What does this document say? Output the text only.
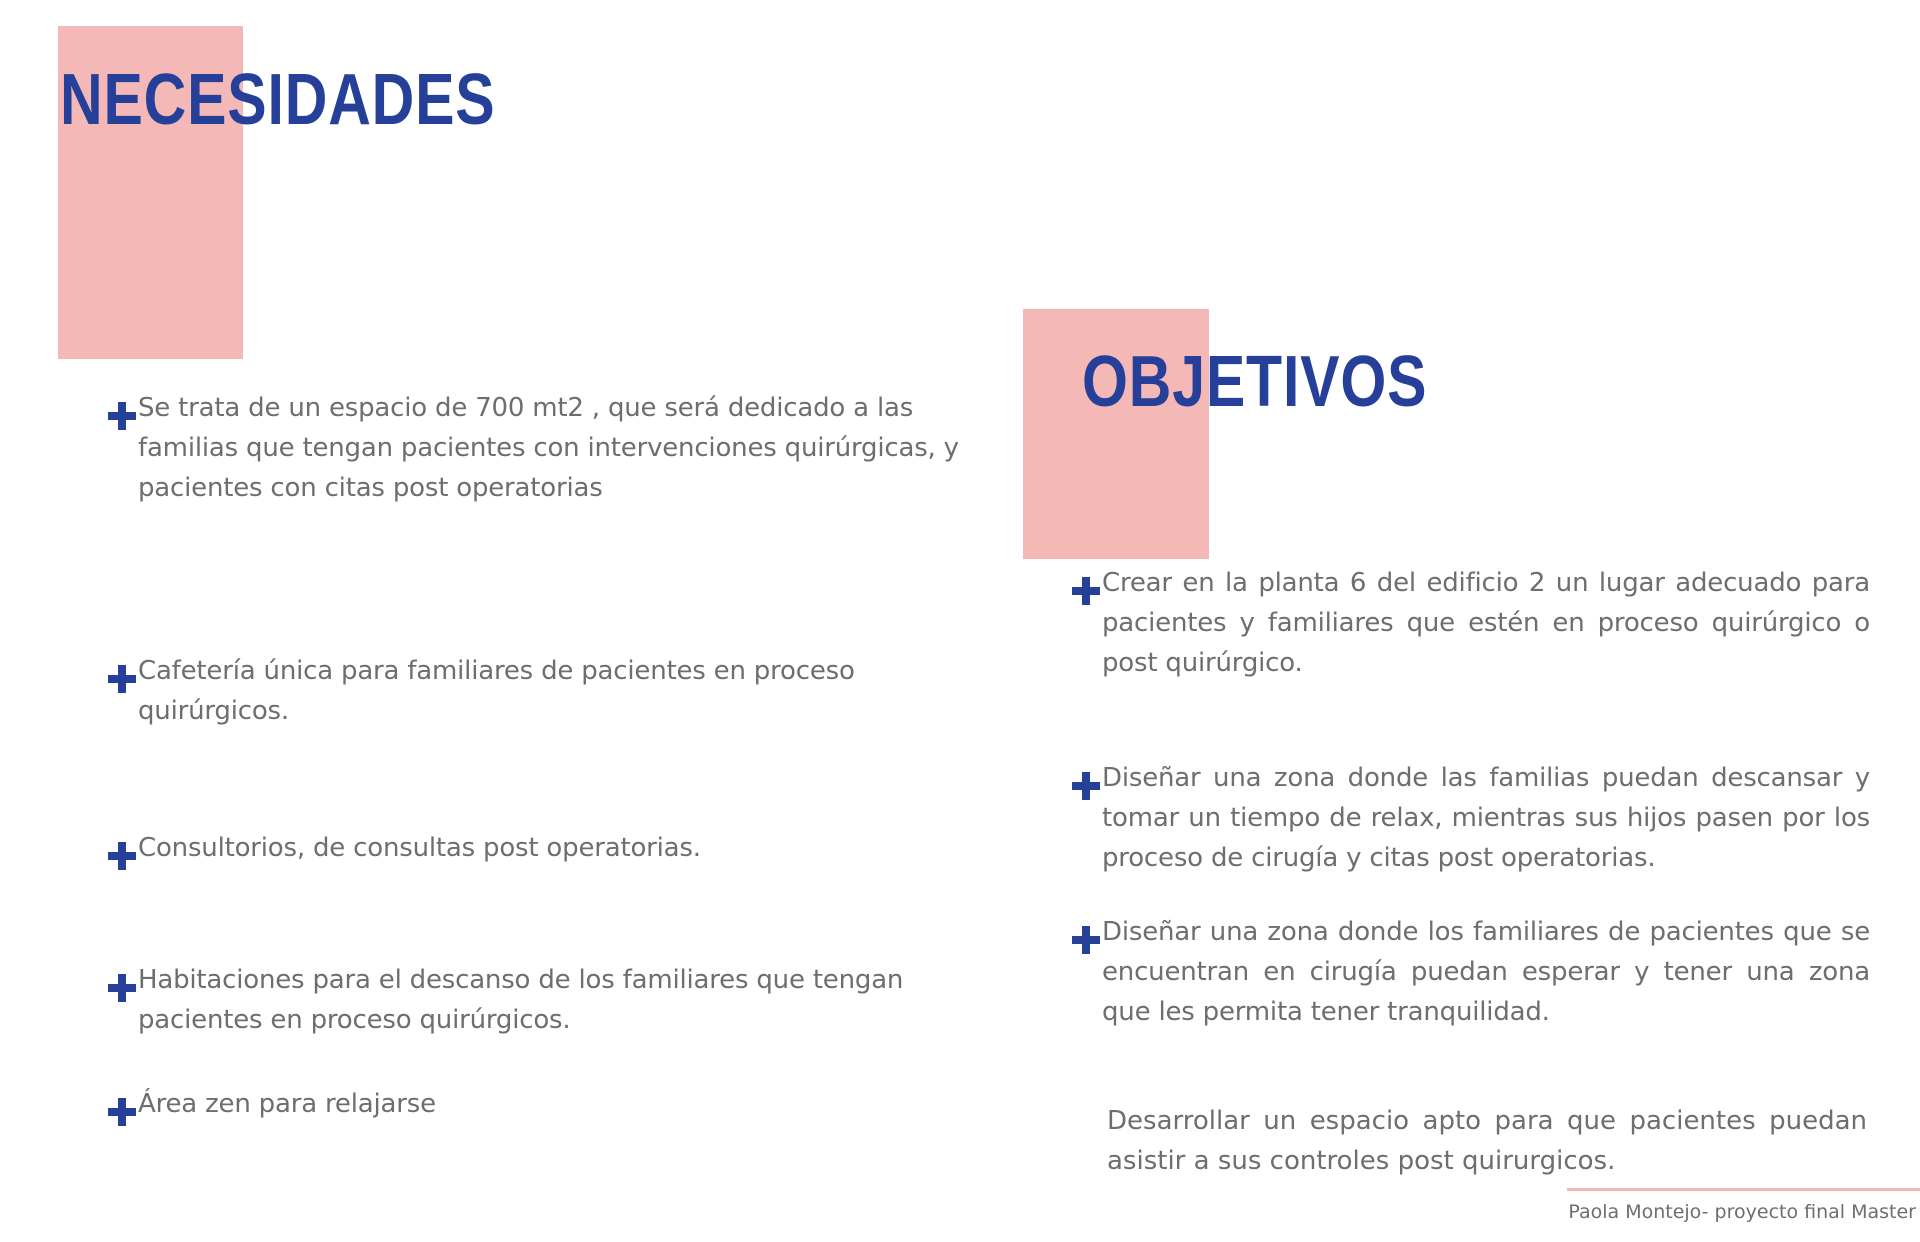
NECESIDADES
OBJETIVOS
Se trata de un espacio de 700 mt2 , que será dedicado a las familias que tengan pacientes con intervenciones quirúrgicas, y pacientes con citas post operatorias
Cafetería única para familiares de pacientes en proceso quirúrgicos.
Consultorios, de consultas post operatorias.
Habitaciones para el descanso de los familiares que tengan pacientes en proceso quirúrgicos.
Área zen para relajarse
Crear en la planta 6 del edificio 2 un lugar adecuado para pacientes y familiares que estén en proceso quirúrgico o post quirúrgico.
Diseñar una zona donde las familias puedan descansar y tomar un tiempo de relax, mientras sus hijos pasen por los proceso de cirugía y citas post operatorias.
Diseñar una zona donde los familiares de pacientes que se encuentran en cirugía puedan esperar y tener una zona que les permita tener tranquilidad.
Desarrollar un espacio apto para que pacientes puedan asistir a sus controles post quirurgicos.
Paola Montejo- proyecto final Master
